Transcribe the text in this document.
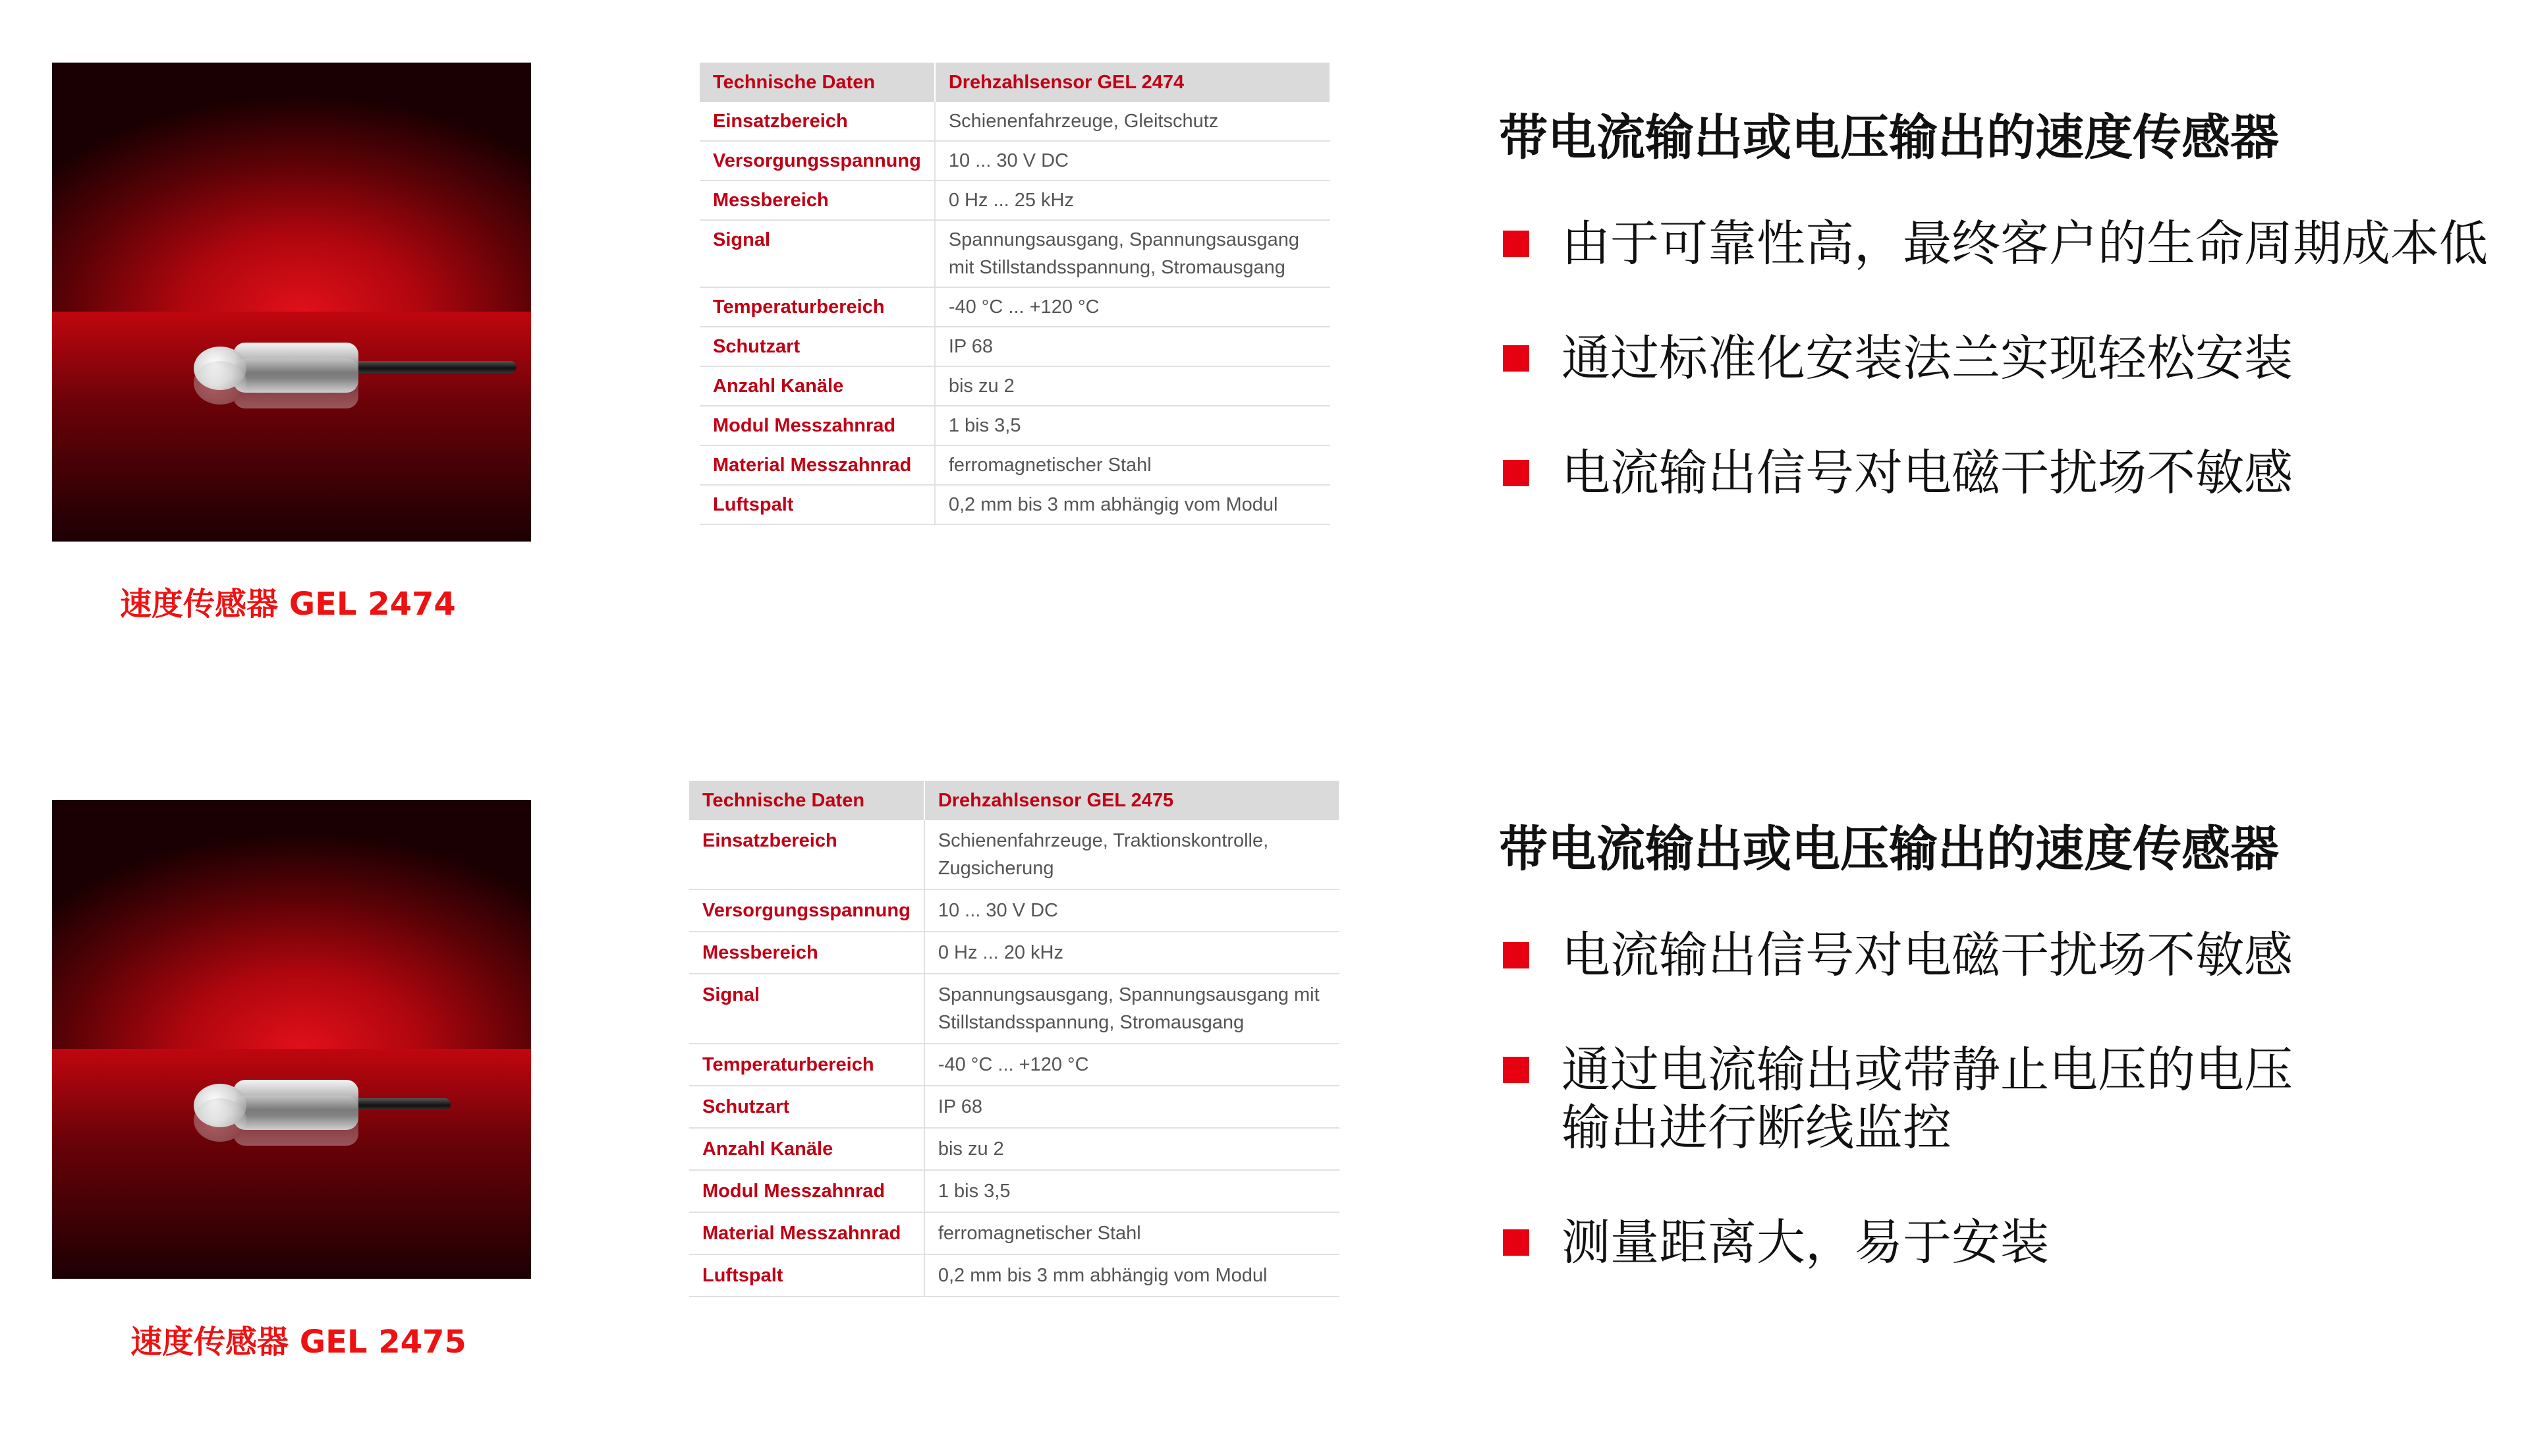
速度传感器 GEL 2474
Technische Daten	Drehzahlsensor GEL 2474
Einsatzbereich	Schienenfahrzeuge, Gleitschutz
Versorgungsspannung	10 ... 30 V DC
Messbereich	0 Hz ... 25 kHz
Signal	Spannungsausgang, Spannungsausgang mit Stillstandsspannung, Stromausgang
Temperaturbereich	-40 °C ... +120 °C
Schutzart	IP 68
Anzahl Kanäle	bis zu 2
Modul Messzahnrad	1 bis 3,5
Material Messzahnrad	ferromagnetischer Stahl
Luftspalt	0,2 mm bis 3 mm abhängig vom Modul
带电流输出或电压输出的速度传感器
由于可靠性高，最终客户的生命周期成本低
通过标准化安装法兰实现轻松安装
电流输出信号对电磁干扰场不敏感
速度传感器 GEL 2475
Technische Daten	Drehzahlsensor GEL 2475
Einsatzbereich	Schienenfahrzeuge, Traktionskontrolle, Zugsicherung
Versorgungsspannung	10 ... 30 V DC
Messbereich	0 Hz ... 20 kHz
Signal	Spannungsausgang, Spannungsausgang mit Stillstandsspannung, Stromausgang
Temperaturbereich	-40 °C ... +120 °C
Schutzart	IP 68
Anzahl Kanäle	bis zu 2
Modul Messzahnrad	1 bis 3,5
Material Messzahnrad	ferromagnetischer Stahl
Luftspalt	0,2 mm bis 3 mm abhängig vom Modul
带电流输出或电压输出的速度传感器
电流输出信号对电磁干扰场不敏感
通过电流输出或带静止电压的电压
输出进行断线监控
测量距离大，易于安装
